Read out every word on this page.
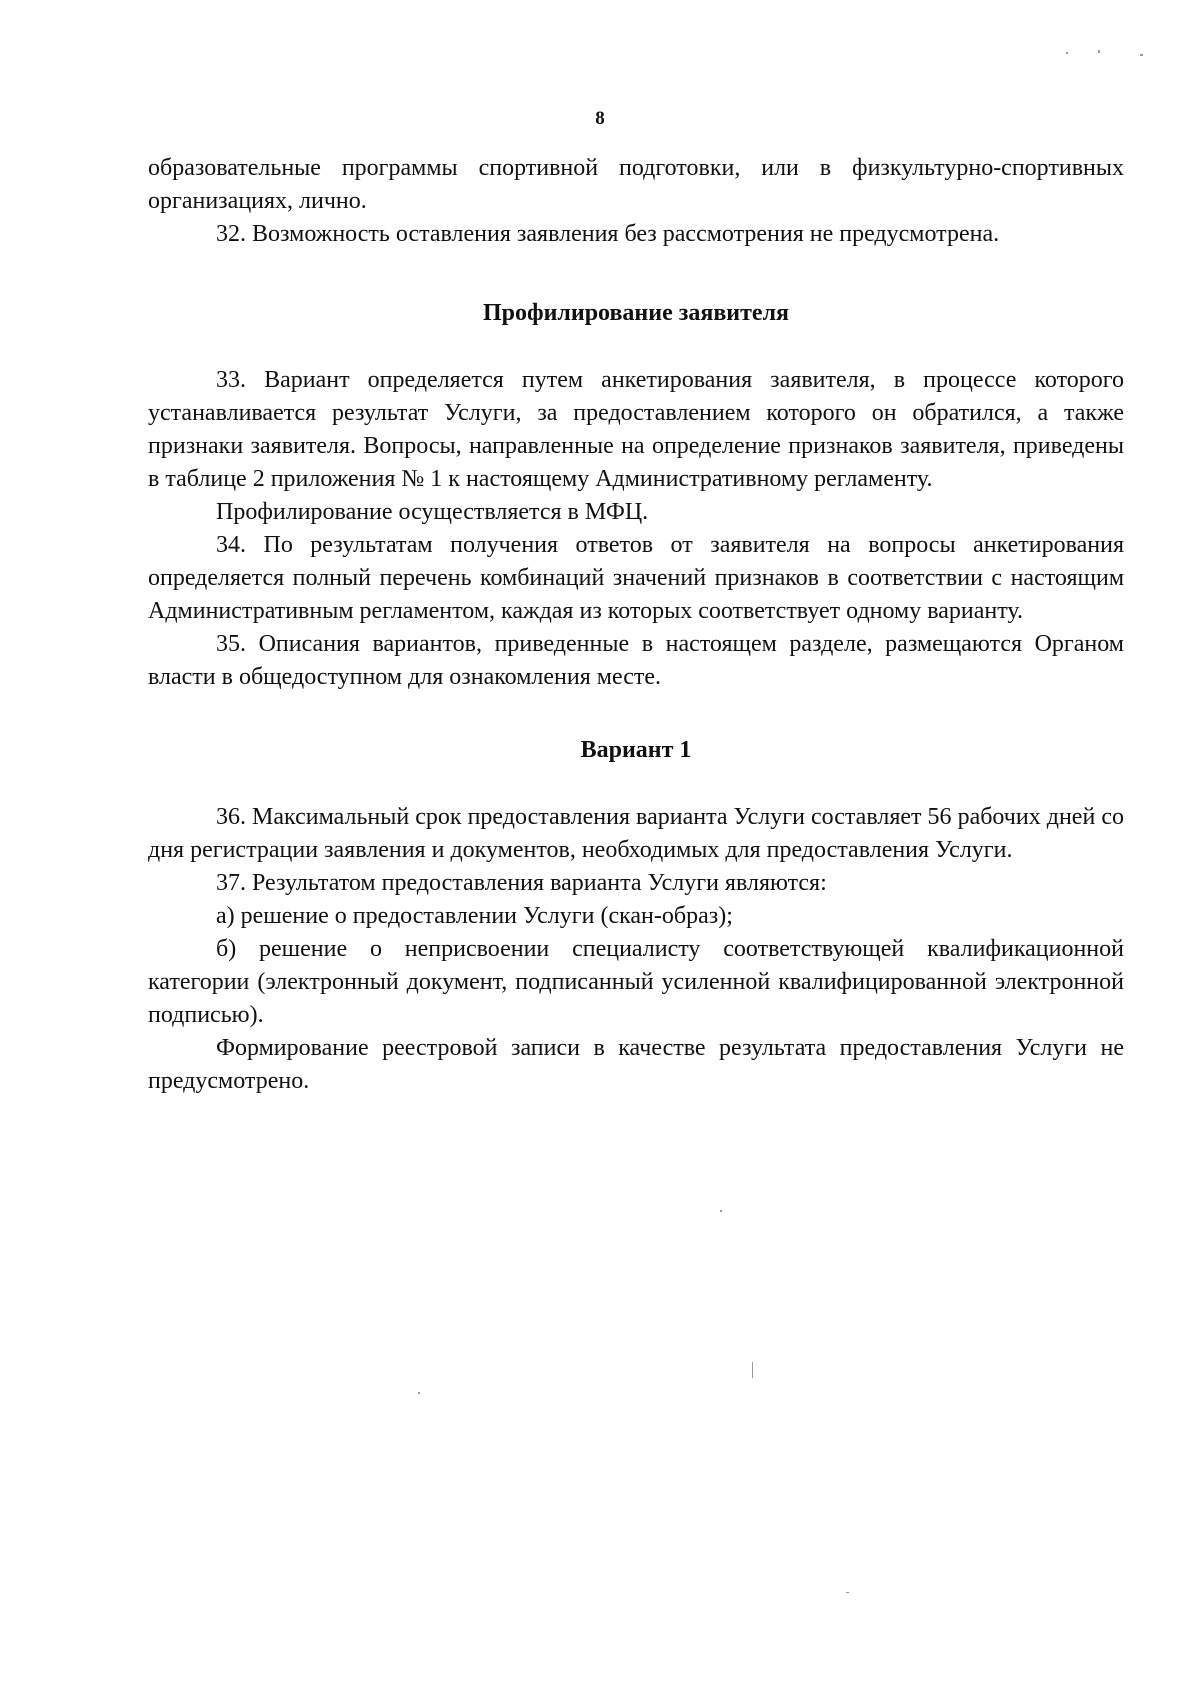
8

образовательные программы спортивной подготовки, или в физкультурно-спортивных организациях, лично.

32. Возможность оставления заявления без рассмотрения не предусмотрена.

Профилирование заявителя

33. Вариант определяется путем анкетирования заявителя, в процессе которого устанавливается результат Услуги, за предоставлением которого он обратился, а также признаки заявителя. Вопросы, направленные на определение признаков заявителя, приведены в таблице 2 приложения № 1 к настоящему Административному регламенту.

Профилирование осуществляется в МФЦ.

34. По результатам получения ответов от заявителя на вопросы анкетирования определяется полный перечень комбинаций значений признаков в соответствии с настоящим Административным регламентом, каждая из которых соответствует одному варианту.

35. Описания вариантов, приведенные в настоящем разделе, размещаются Органом власти в общедоступном для ознакомления месте.

Вариант 1

36. Максимальный срок предоставления варианта Услуги составляет 56 рабочих дней со дня регистрации заявления и документов, необходимых для предоставления Услуги.

37. Результатом предоставления варианта Услуги являются:

а) решение о предоставлении Услуги (скан-образ);

б) решение о неприсвоении специалисту соответствующей квалификационной категории (электронный документ, подписанный усиленной квалифицированной электронной подписью).

Формирование реестровой записи в качестве результата предоставления Услуги не предусмотрено.
